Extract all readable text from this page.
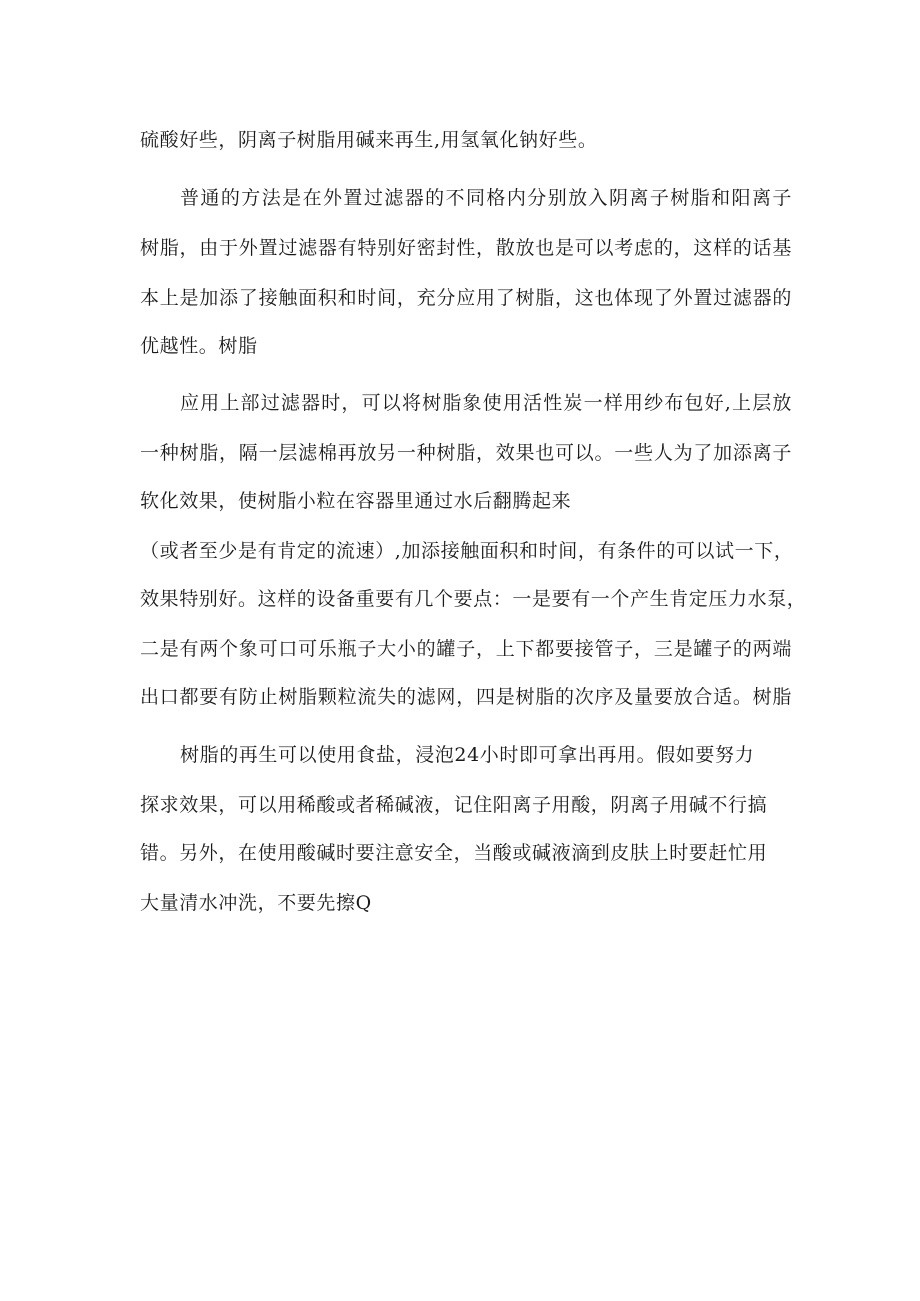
硫酸好些，阴离子树脂用碱来再生,用氢氧化钠好些。
普通的方法是在外置过滤器的不同格内分别放入阴离子树脂和阳离子
树脂，由于外置过滤器有特别好密封性，散放也是可以考虑的，这样的话基
本上是加添了接触面积和时间，充分应用了树脂，这也体现了外置过滤器的
优越性。树脂
应用上部过滤器时，可以将树脂象使用活性炭一样用纱布包好,上层放
一种树脂，隔一层滤棉再放另一种树脂，效果也可以。一些人为了加添离子
软化效果，使树脂小粒在容器里通过水后翻腾起来
（或者至少是有肯定的流速）,加添接触面积和时间，有条件的可以试一下，
效果特别好。这样的设备重要有几个要点：一是要有一个产生肯定压力水泵，
二是有两个象可口可乐瓶子大小的罐子，上下都要接管子，三是罐子的两端
出口都要有防止树脂颗粒流失的滤网，四是树脂的次序及量要放合适。树脂
树脂的再生可以使用食盐，浸泡24小时即可拿出再用。假如要努力
探求效果，可以用稀酸或者稀碱液，记住阳离子用酸，阴离子用碱不行搞
错。另外，在使用酸碱时要注意安全，当酸或碱液滴到皮肤上时要赶忙用
大量清水冲洗，不要先擦Q
